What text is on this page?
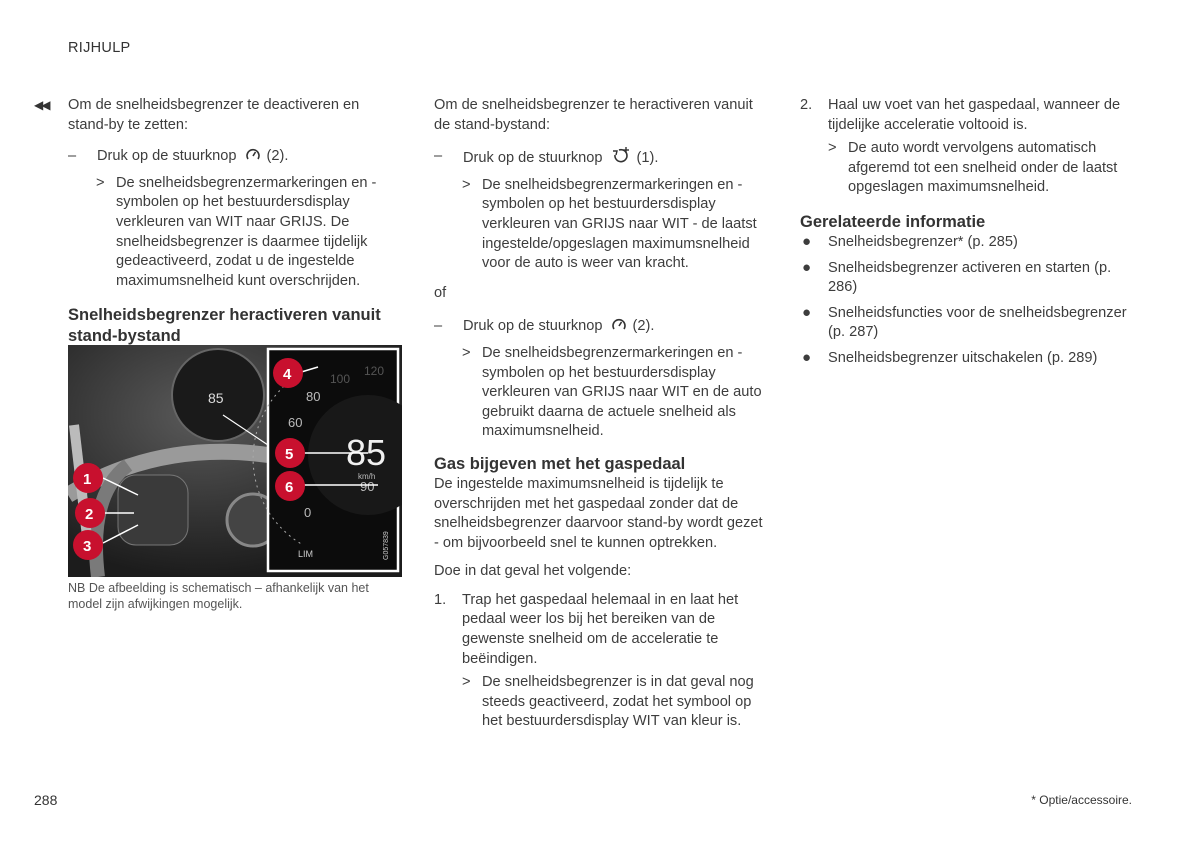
RIJHULP
◀◀ Om de snelheidsbegrenzer te deactiveren en stand-by te zetten:

– Druk op de stuurknop (2).
> De snelheidsbegrenzermarkeringen en -symbolen op het bestuurdersdisplay verkleuren van WIT naar GRIJS. De snelheidsbegrenzer is daarmee tijdelijk gedeactiveerd, zodat u de ingestelde maximumsnelheid kunt overschrijden.
Snelheidsbegrenzer heractiveren vanuit stand-bystand
85
1
2
3
100
120
80
60
85
km/h
90
0
G057839
LIM
4
5
6
NB De afbeelding is schematisch – afhankelijk van het model zijn afwijkingen mogelijk.

Om de snelheidsbegrenzer te heractiveren vanuit de stand-bystand:

– Druk op de stuurknop (1).
> De snelheidsbegrenzermarkeringen en -symbolen op het bestuurdersdisplay verkleuren van GRIJS naar WIT - de laatst ingestelde/opgeslagen maximumsnelheid voor de auto is weer van kracht.

of

– Druk op de stuurknop (2).
> De snelheidsbegrenzermarkeringen en -symbolen op het bestuurdersdisplay verkleuren van GRIJS naar WIT en de auto gebruikt daarna de actuele snelheid als maximumsnelheid.
Gas bijgeven met het gaspedaal

De ingestelde maximumsnelheid is tijdelijk te overschrijden met het gaspedaal zonder dat de snelheidsbegrenzer daarvoor stand-by wordt gezet - om bijvoorbeeld snel te kunnen optrekken.

Doe in dat geval het volgende:

1. Trap het gaspedaal helemaal in en laat het pedaal weer los bij het bereiken van de gewenste snelheid om de acceleratie te beëindigen.
> De snelheidsbegrenzer is in dat geval nog steeds geactiveerd, zodat het symbool op het bestuurdersdisplay WIT van kleur is.
2. Haal uw voet van het gaspedaal, wanneer de tijdelijke acceleratie voltooid is.
> De auto wordt vervolgens automatisch afgeremd tot een snelheid onder de laatst opgeslagen maximumsnelheid.
Gerelateerde informatie
● Snelheidsbegrenzer* (p. 285)
● Snelheidsbegrenzer activeren en starten (p. 286)
● Snelheidsfuncties voor de snelheidsbegrenzer (p. 287)
● Snelheidsbegrenzer uitschakelen (p. 289)
288	* Optie/accessoire.
